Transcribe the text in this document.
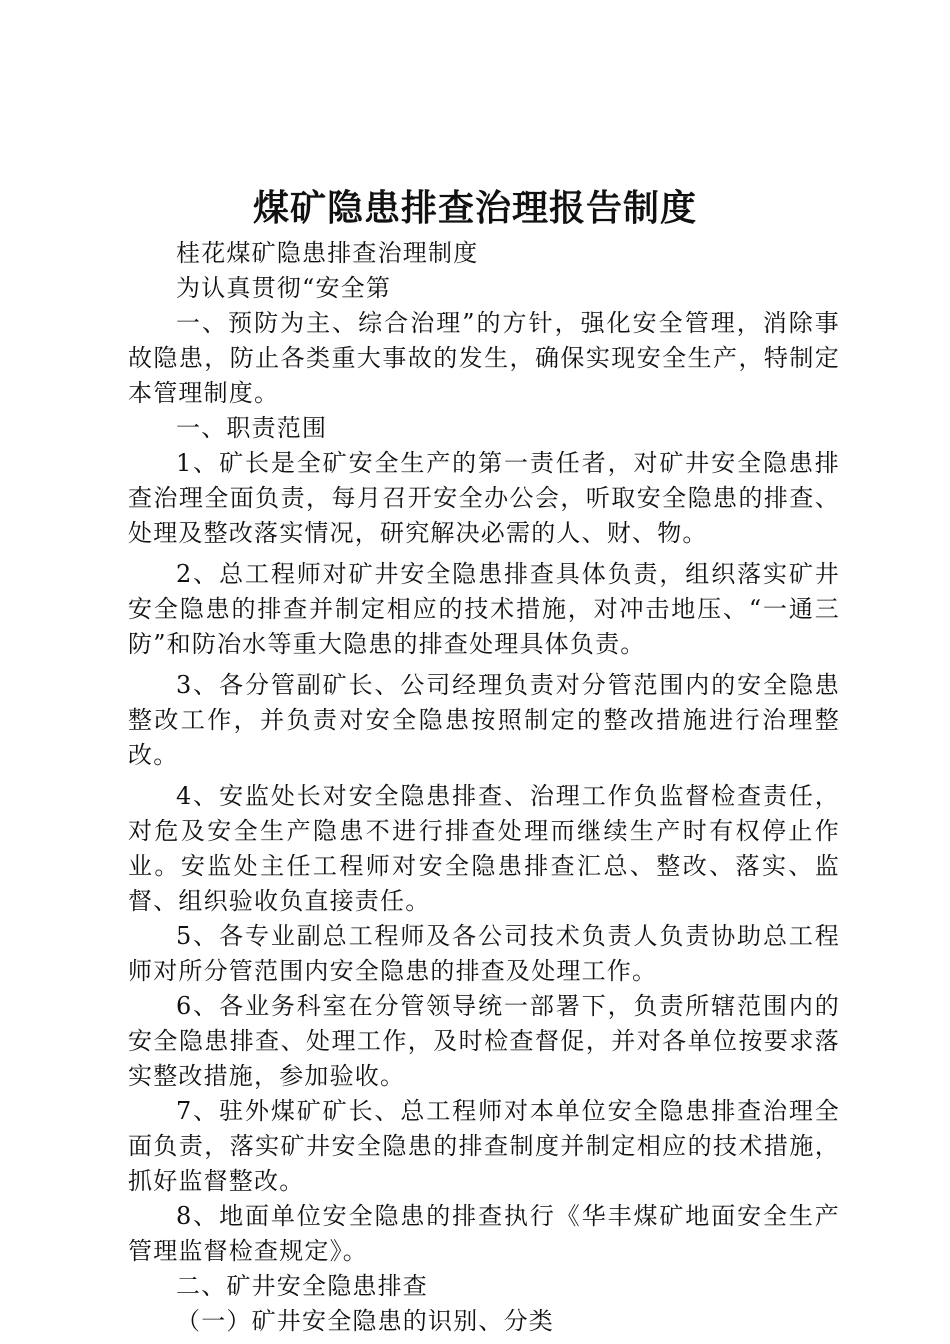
煤矿隐患排查治理报告制度

桂花煤矿隐患排查治理制度

为认真贯彻“安全第

一、预防为主、综合治理”的方针，强化安全管理，消除事故隐患，防止各类重大事故的发生，确保实现安全生产，特制定本管理制度。

一、职责范围

1、矿长是全矿安全生产的第一责任者，对矿井安全隐患排查治理全面负责，每月召开安全办公会，听取安全隐患的排查、处理及整改落实情况，研究解决必需的人、财、物。

2、总工程师对矿井安全隐患排查具体负责，组织落实矿井安全隐患的排查并制定相应的技术措施，对冲击地压、“一通三防”和防冶水等重大隐患的排查处理具体负责。

3、各分管副矿长、公司经理负责对分管范围内的安全隐患整改工作，并负责对安全隐患按照制定的整改措施进行治理整改。

4、安监处长对安全隐患排查、治理工作负监督检查责任，对危及安全生产隐患不进行排查处理而继续生产时有权停止作业。安监处主任工程师对安全隐患排查汇总、整改、落实、监督、组织验收负直接责任。

5、各专业副总工程师及各公司技术负责人负责协助总工程师对所分管范围内安全隐患的排查及处理工作。

6、各业务科室在分管领导统一部署下，负责所辖范围内的安全隐患排查、处理工作，及时检查督促，并对各单位按要求落实整改措施，参加验收。

7、驻外煤矿矿长、总工程师对本单位安全隐患排查治理全面负责，落实矿井安全隐患的排查制度并制定相应的技术措施，抓好监督整改。

8、地面单位安全隐患的排查执行《华丰煤矿地面安全生产管理监督检查规定》。

二、矿井安全隐患排查

（一）矿井安全隐患的识别、分类
